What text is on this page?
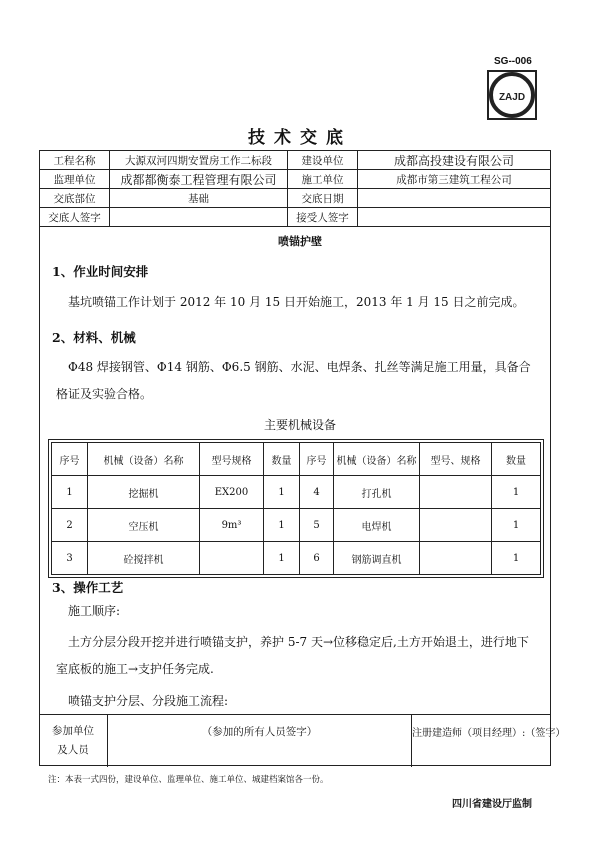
SG--006
ZAJD
技术交底
工程名称	大源双河四期安置房工作二标段	建设单位	成都高投建设有限公司
监理单位	成都都衡泰工程管理有限公司	施工单位	成都市第三建筑工程公司
交底部位	基础	交底日期	
交底人签字		接受人签字	
喷锚护壁
1、作业时间安排
基坑喷锚工作计划于 2012 年 10 月 15 日开始施工，2013 年 1 月 15 日之前完成。
2、材料、机械
Φ48 焊接钢管、Φ14 钢筋、Φ6.5 钢筋、水泥、电焊条、扎丝等满足施工用量，具备合格证及实验合格。
主要机械设备
序号	机械（设备）名称	型号规格	数量	序号	机械（设备）名称	型号、规格	数量
1	挖掘机	EX200	1	4	打孔机		1
2	空压机	9m³	1	5	电焊机		1
3	砼搅拌机		1	6	钢筋调直机		1
3、操作工艺
施工顺序:
土方分层分段开挖并进行喷锚支护，养护 5-7 天→位移稳定后,土方开始退土，进行地下室底板的施工→支护任务完成.
喷锚支护分层、分段施工流程:
参加单位
及人员
（参加的所有人员签字）	注册建造师（项目经理）:（签字）
注：本表一式四份，建设单位、监理单位、施工单位、城建档案馆各一份。
四川省建设厅监制
